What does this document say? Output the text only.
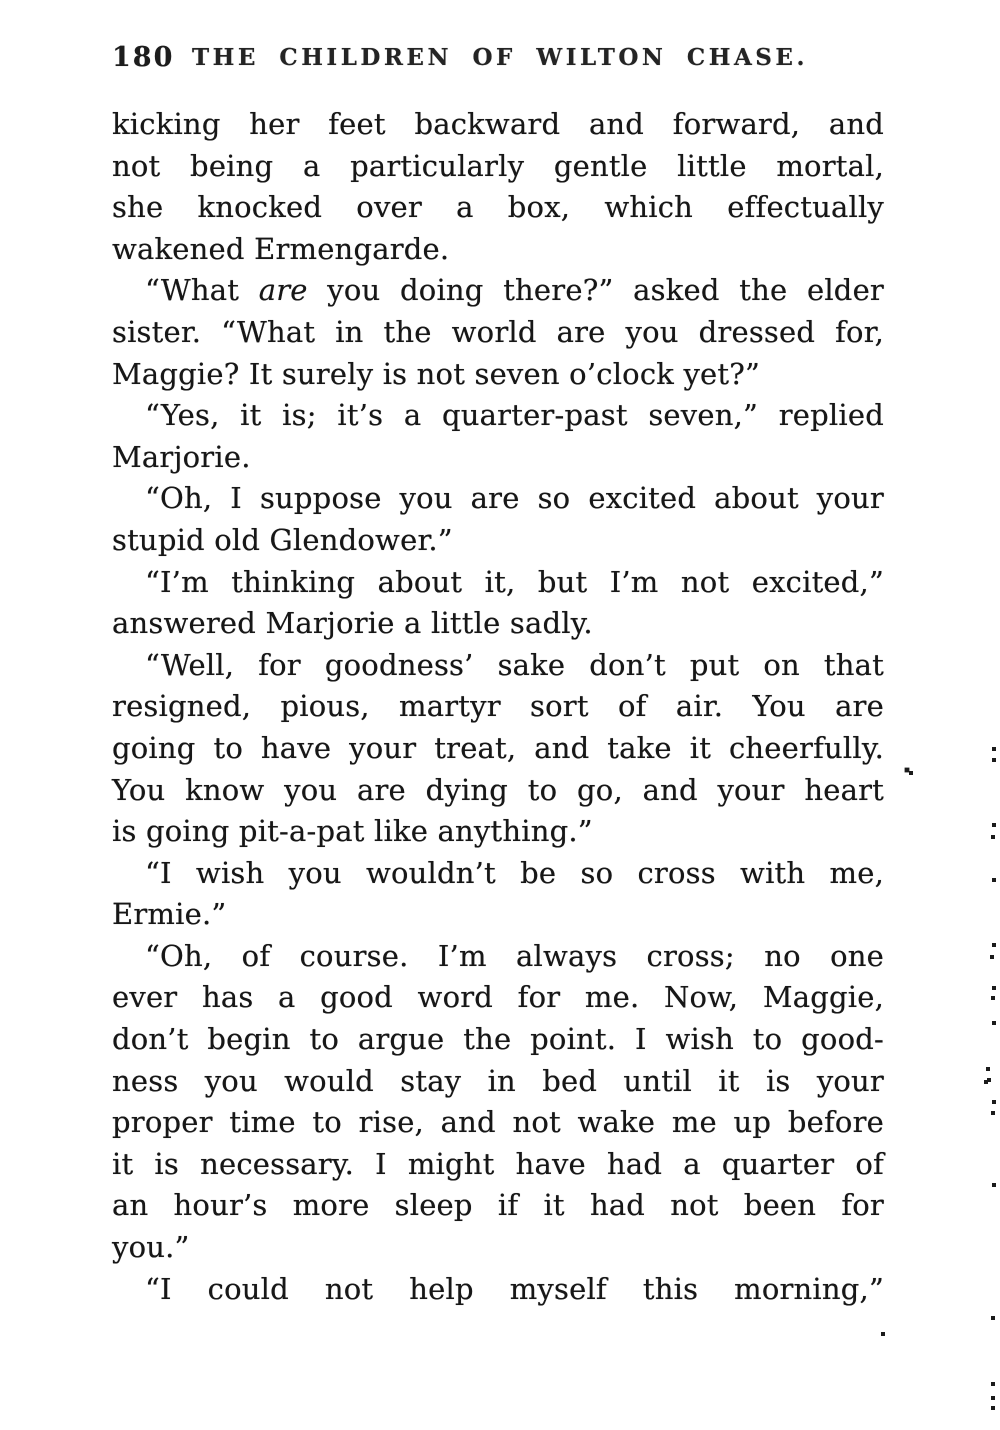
180 THE CHILDREN OF WILTON CHASE.
kicking her feet backward and forward, and
not being a particularly gentle little mortal,
she knocked over a box, which effectually
wakened Ermengarde.
“What are you doing there?” asked the elder
sister. “What in the world are you dressed for,
Maggie? It surely is not seven o’clock yet?”
“Yes, it is; it’s a quarter-past seven,” replied
Marjorie.
“Oh, I suppose you are so excited about your
stupid old Glendower.”
“I’m thinking about it, but I’m not excited,”
answered Marjorie a little sadly.
“Well, for goodness’ sake don’t put on that
resigned, pious, martyr sort of air. You are
going to have your treat, and take it cheerfully.
You know you are dying to go, and your heart
is going pit-a-pat like anything.”
“I wish you wouldn’t be so cross with me,
Ermie.”
“Oh, of course. I’m always cross; no one
ever has a good word for me. Now, Maggie,
don’t begin to argue the point. I wish to good-
ness you would stay in bed until it is your
proper time to rise, and not wake me up before
it is necessary. I might have had a quarter of
an hour’s more sleep if it had not been for
you.”
“I could not help myself this morning,”
